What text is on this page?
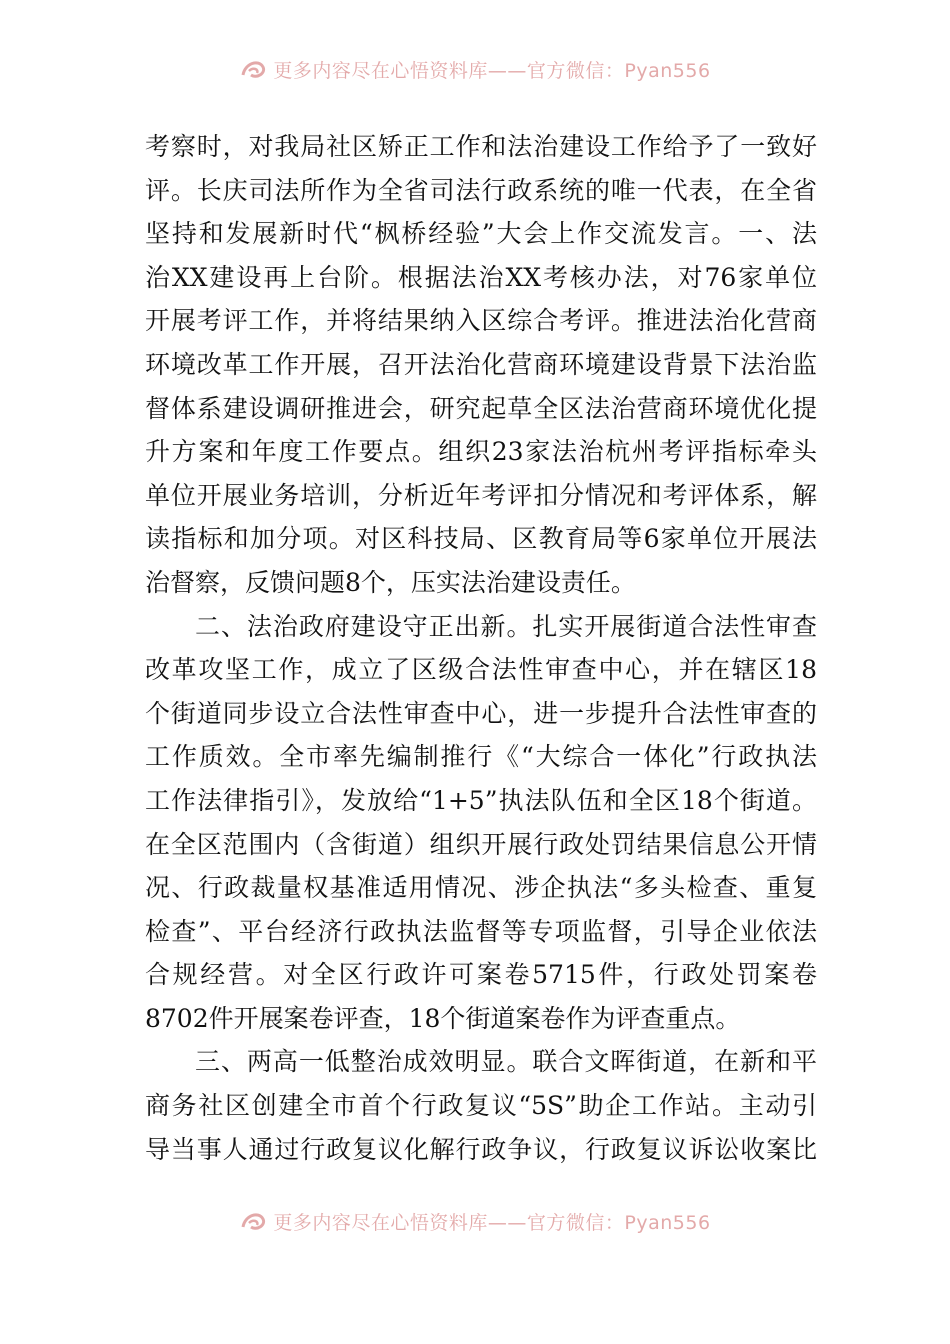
更多内容尽在心悟资料库——官方微信：Pyan556
考察时，对我局社区矫正工作和法治建设工作给予了一致好
评。长庆司法所作为全省司法行政系统的唯一代表，在全省
坚持和发展新时代“枫桥经验”大会上作交流发言。一、法
治XX建设再上台阶。根据法治XX考核办法，对76家单位
开展考评工作，并将结果纳入区综合考评。推进法治化营商
环境改革工作开展，召开法治化营商环境建设背景下法治监
督体系建设调研推进会，研究起草全区法治营商环境优化提
升方案和年度工作要点。组织23家法治杭州考评指标牵头
单位开展业务培训，分析近年考评扣分情况和考评体系，解
读指标和加分项。对区科技局、区教育局等6家单位开展法
治督察，反馈问题8个，压实法治建设责任。
二、法治政府建设守正出新。扎实开展街道合法性审查
改革攻坚工作，成立了区级合法性审查中心，并在辖区18
个街道同步设立合法性审查中心，进一步提升合法性审查的
工作质效。全市率先编制推行《“大综合一体化”行政执法
工作法律指引》，发放给“1+5”执法队伍和全区18个街道。
在全区范围内（含街道）组织开展行政处罚结果信息公开情
况、行政裁量权基准适用情况、涉企执法“多头检查、重复
检查”、平台经济行政执法监督等专项监督，引导企业依法
合规经营。对全区行政许可案卷5715件，行政处罚案卷
8702件开展案卷评查，18个街道案卷作为评查重点。
三、两高一低整治成效明显。联合文晖街道，在新和平
商务社区创建全市首个行政复议“5S”助企工作站。主动引
导当事人通过行政复议化解行政争议，行政复议诉讼收案比
更多内容尽在心悟资料库——官方微信：Pyan556
